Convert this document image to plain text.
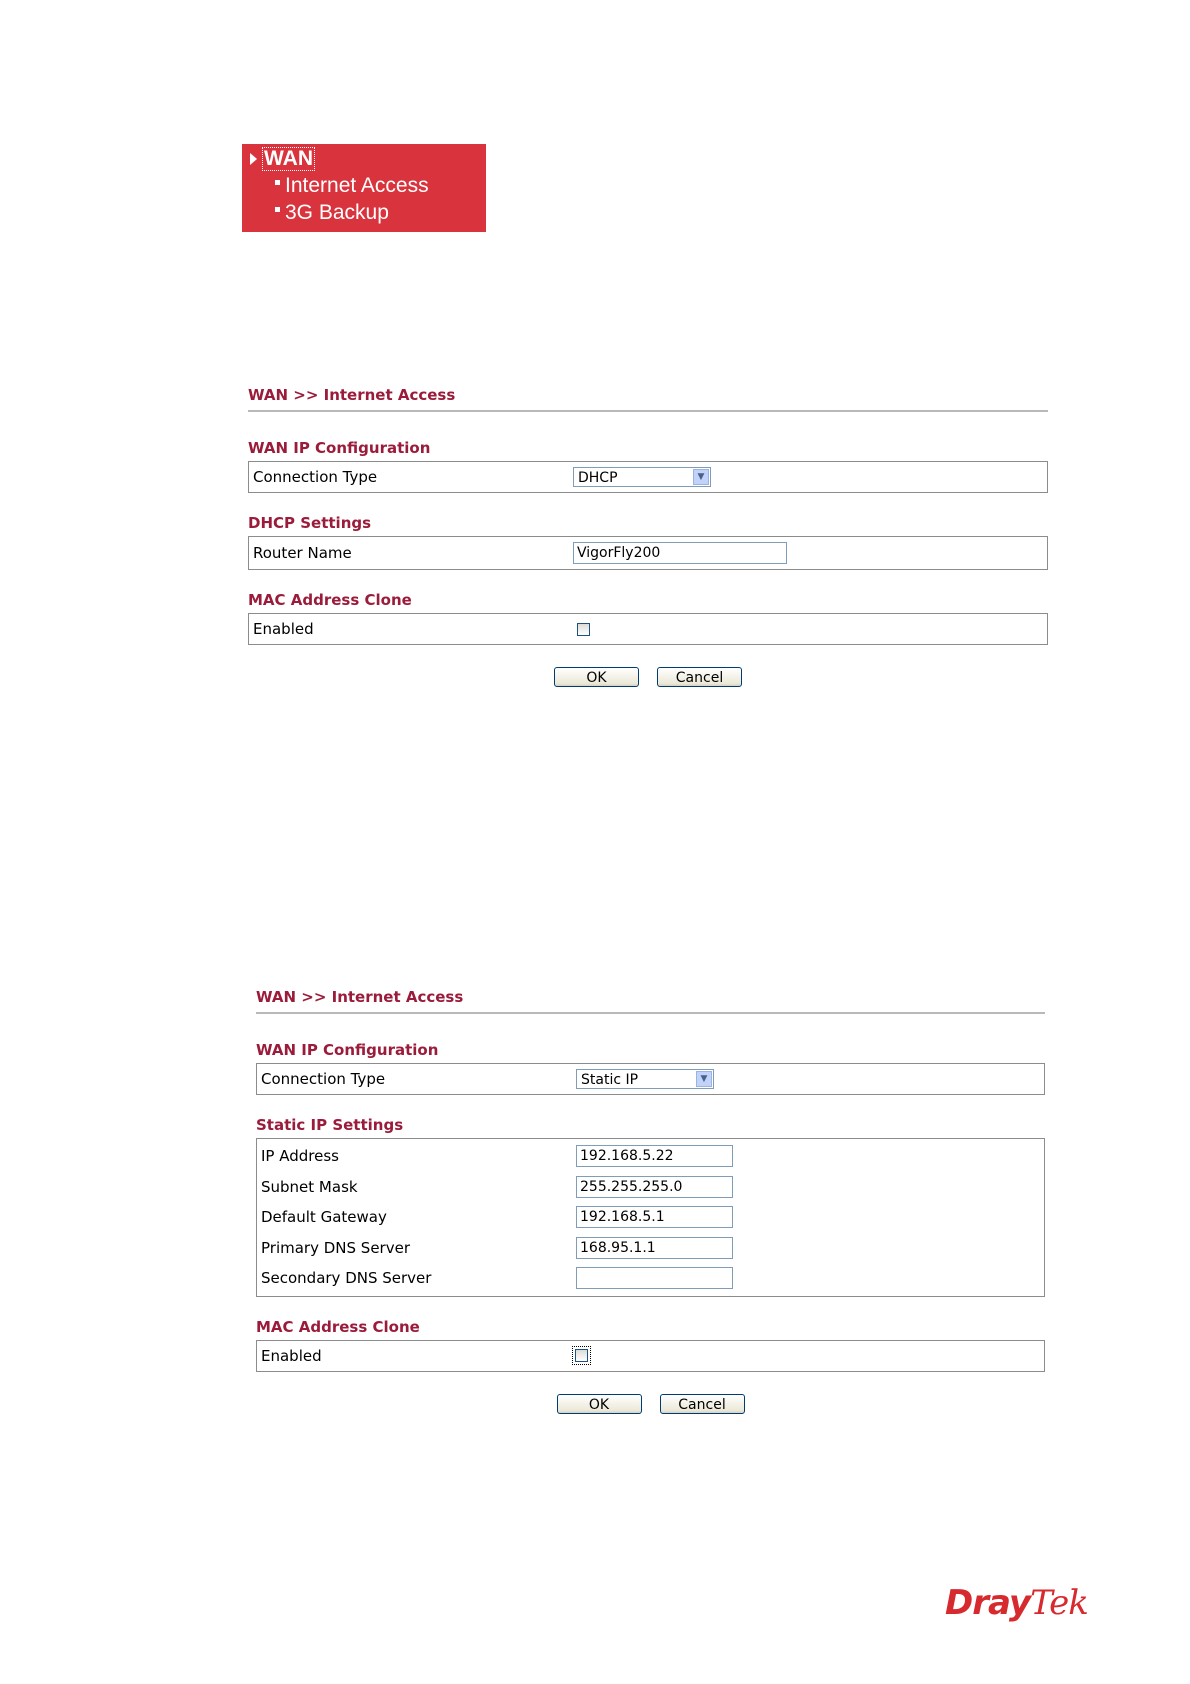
WAN
Internet Access
3G Backup
WAN >> Internet Access
WAN IP Configuration
Connection Type	DHCP	▼
DHCP Settings
Router Name	VigorFly200
MAC Address Clone
Enabled
OK	Cancel
WAN >> Internet Access
WAN IP Configuration
Connection Type	Static IP	▼
Static IP Settings
IP Address	192.168.5.22
Subnet Mask	255.255.255.0
Default Gateway	192.168.5.1
Primary DNS Server	168.95.1.1
Secondary DNS Server
MAC Address Clone
Enabled
OK	Cancel
DrayTek
